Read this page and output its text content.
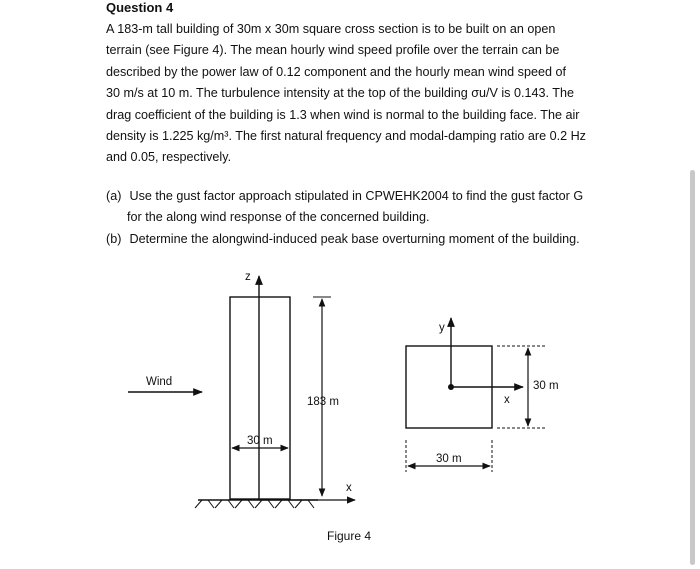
Question 4

A 183-m tall building of 30m x 30m square cross section is to be built on an open

terrain (see Figure 4). The mean hourly wind speed profile over the terrain can be

described by the power law of 0.12 component and the hourly mean wind speed of

30 m/s at 10 m. The turbulence intensity at the top of the building σu/V is 0.143. The

drag coefficient of the building is 1.3 when wind is normal to the building face. The air

density is 1.225 kg/m³. The first natural frequency and modal-damping ratio are 0.2 Hz

and 0.05, respectively.

(a) Use the gust factor approach stipulated in CPWEHK2004 to find the gust factor G
for the along wind response of the concerned building.
(b) Determine the alongwind-induced peak base overturning moment of the building.
z
Wind
30 m
183 m
x
Figure 4
y
x
30 m
30 m
